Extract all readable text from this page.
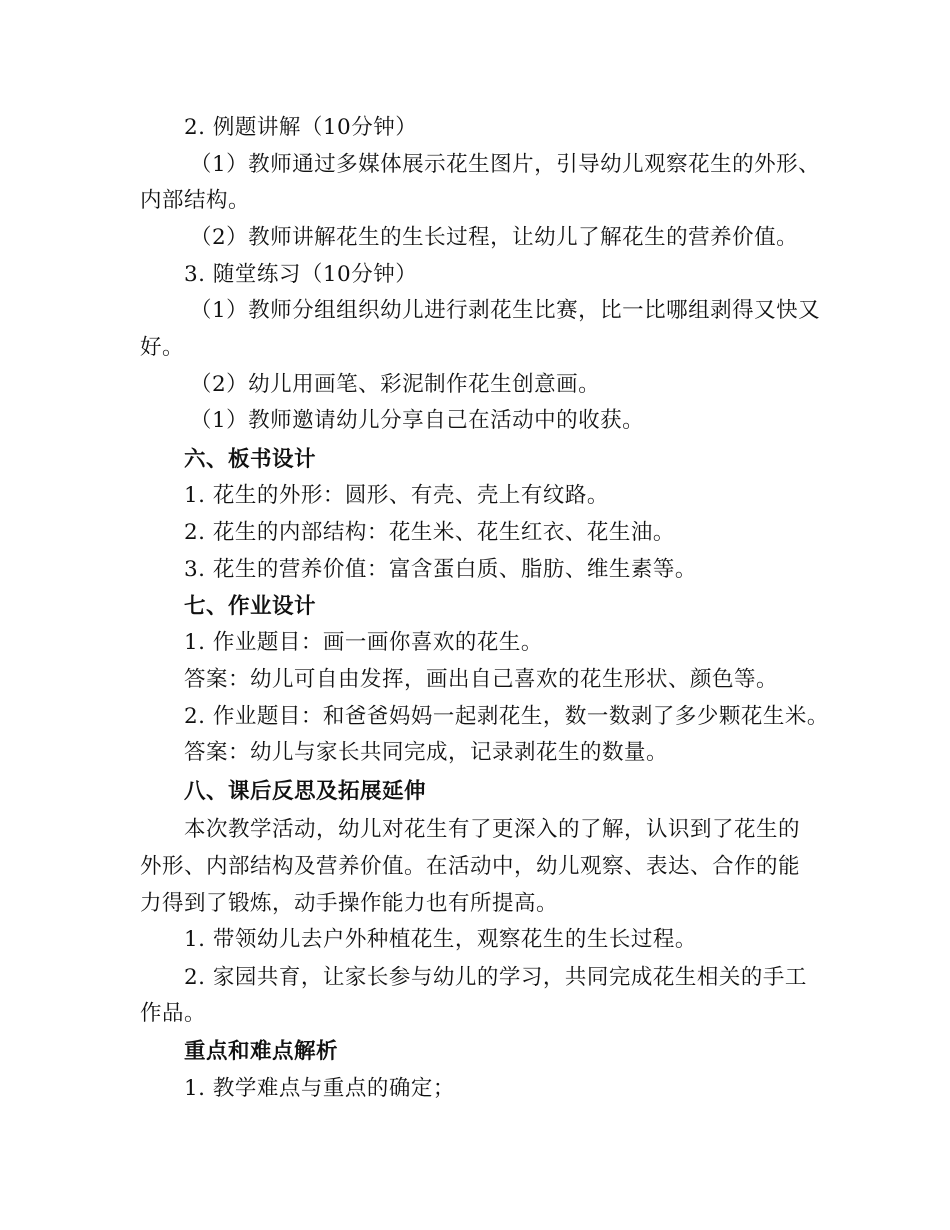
2. 例题讲解（10分钟）
（1）教师通过多媒体展示花生图片，引导幼儿观察花生的外形、
内部结构。
（2）教师讲解花生的生长过程，让幼儿了解花生的营养价值。
3. 随堂练习（10分钟）
（1）教师分组组织幼儿进行剥花生比赛，比一比哪组剥得又快又
好。
（2）幼儿用画笔、彩泥制作花生创意画。
（1）教师邀请幼儿分享自己在活动中的收获。
六、板书设计
1. 花生的外形：圆形、有壳、壳上有纹路。
2. 花生的内部结构：花生米、花生红衣、花生油。
3. 花生的营养价值：富含蛋白质、脂肪、维生素等。
七、作业设计
1. 作业题目：画一画你喜欢的花生。
答案：幼儿可自由发挥，画出自己喜欢的花生形状、颜色等。
2. 作业题目：和爸爸妈妈一起剥花生，数一数剥了多少颗花生米。
答案：幼儿与家长共同完成，记录剥花生的数量。
八、课后反思及拓展延伸
本次教学活动，幼儿对花生有了更深入的了解，认识到了花生的
外形、内部结构及营养价值。在活动中，幼儿观察、表达、合作的能
力得到了锻炼，动手操作能力也有所提高。
1. 带领幼儿去户外种植花生，观察花生的生长过程。
2. 家园共育，让家长参与幼儿的学习，共同完成花生相关的手工
作品。
重点和难点解析
1. 教学难点与重点的确定；
